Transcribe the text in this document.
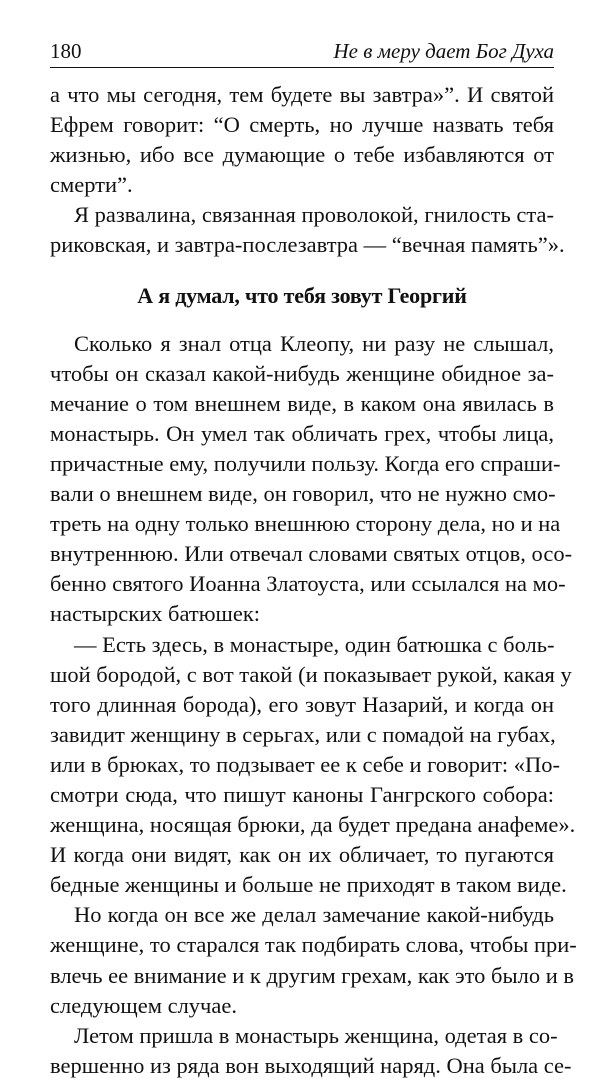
180	Не в меру дает Бог Духа
а что мы сегодня, тем будете вы завтра»”. И святой
Ефрем говорит: “О смерть, но лучше назвать тебя
жизнью, ибо все думающие о тебе избавляются от
смерти”.
Я развалина, связанная проволокой, гнилость ста-
риковская, и завтра-послезавтра — “вечная память”».
А я думал, что тебя зовут Георгий
Сколько я знал отца Клеопу, ни разу не слышал,
чтобы он сказал какой-нибудь женщине обидное за-
мечание о том внешнем виде, в каком она явилась в
монастырь. Он умел так обличать грех, чтобы лица,
причастные ему, получили пользу. Когда его спраши-
вали о внешнем виде, он говорил, что не нужно смо-
треть на одну только внешнюю сторону дела, но и на
внутреннюю. Или отвечал словами святых отцов, осо-
бенно святого Иоанна Златоуста, или ссылался на мо-
настырских батюшек:
— Есть здесь, в монастыре, один батюшка с боль-
шой бородой, с вот такой (и показывает рукой, какая у
того длинная борода), его зовут Назарий, и когда он
завидит женщину в серьгах, или с помадой на губах,
или в брюках, то подзывает ее к себе и говорит: «По-
смотри сюда, что пишут каноны Гангрского собора:
женщина, носящая брюки, да будет предана анафеме».
И когда они видят, как он их обличает, то пугаются
бедные женщины и больше не приходят в таком виде.
Но когда он все же делал замечание какой-нибудь
женщине, то старался так подбирать слова, чтобы при-
влечь ее внимание и к другим грехам, как это было и в
следующем случае.
Летом пришла в монастырь женщина, одетая в со-
вершенно из ряда вон выходящий наряд. Она была се-
